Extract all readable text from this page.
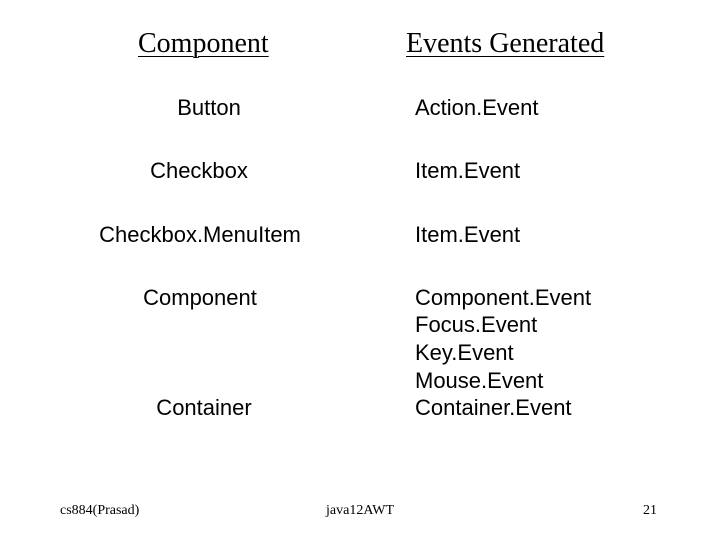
Component	Events Generated
Button	Action.Event
Checkbox	Item.Event
Checkbox.MenuItem	Item.Event
Component	Component.Event
Focus.Event
Key.Event
Mouse.Event
Container	Container.Event
cs884(Prasad)	java12AWT	21
